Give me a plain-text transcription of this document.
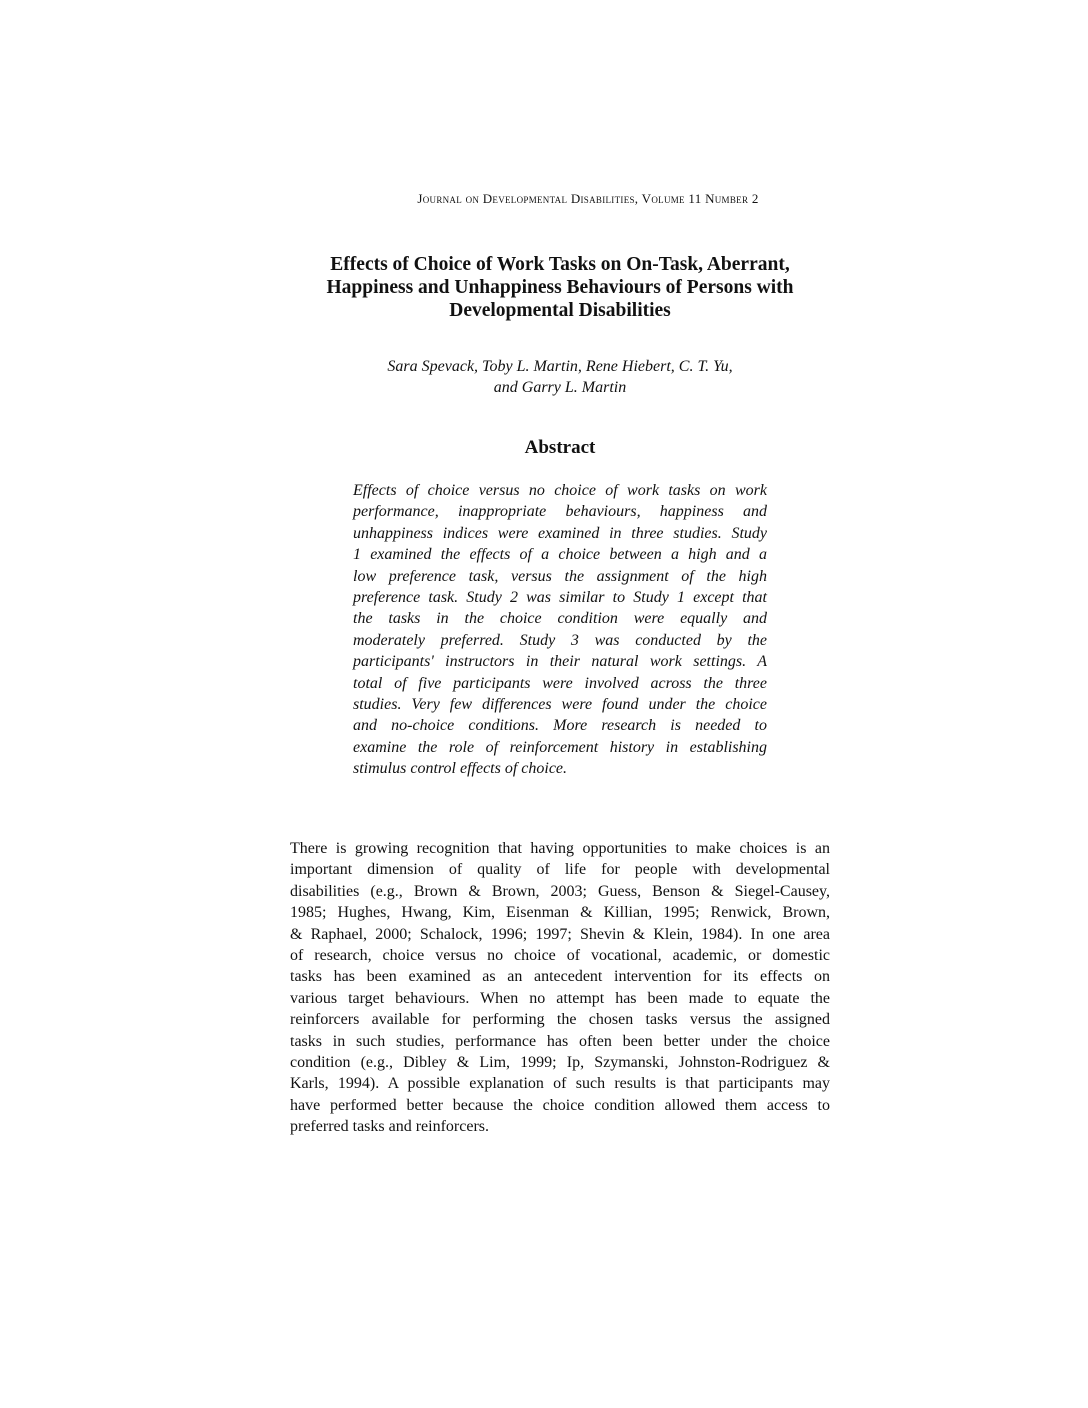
Journal on Developmental Disabilities, Volume 11 Number 2
Effects of Choice of Work Tasks on On-Task, Aberrant,
Happiness and Unhappiness Behaviours of Persons with
Developmental Disabilities
Sara Spevack, Toby L. Martin, Rene Hiebert, C. T. Yu,
and Garry L. Martin
Abstract
Effects of choice versus no choice of work tasks on work
performance, inappropriate behaviours, happiness and
unhappiness indices were examined in three studies. Study
1 examined the effects of a choice between a high and a
low preference task, versus the assignment of the high
preference task. Study 2 was similar to Study 1 except that
the tasks in the choice condition were equally and
moderately preferred. Study 3 was conducted by the
participants' instructors in their natural work settings. A
total of five participants were involved across the three
studies. Very few differences were found under the choice
and no-choice conditions. More research is needed to
examine the role of reinforcement history in establishing
stimulus control effects of choice.
There is growing recognition that having opportunities to make choices is an
important dimension of quality of life for people with developmental
disabilities (e.g., Brown & Brown, 2003; Guess, Benson & Siegel-Causey,
1985; Hughes, Hwang, Kim, Eisenman & Killian, 1995; Renwick, Brown,
& Raphael, 2000; Schalock, 1996; 1997; Shevin & Klein, 1984). In one area
of research, choice versus no choice of vocational, academic, or domestic
tasks has been examined as an antecedent intervention for its effects on
various target behaviours. When no attempt has been made to equate the
reinforcers available for performing the chosen tasks versus the assigned
tasks in such studies, performance has often been better under the choice
condition (e.g., Dibley & Lim, 1999; Ip, Szymanski, Johnston-Rodriguez &
Karls, 1994). A possible explanation of such results is that participants may
have performed better because the choice condition allowed them access to
preferred tasks and reinforcers.
